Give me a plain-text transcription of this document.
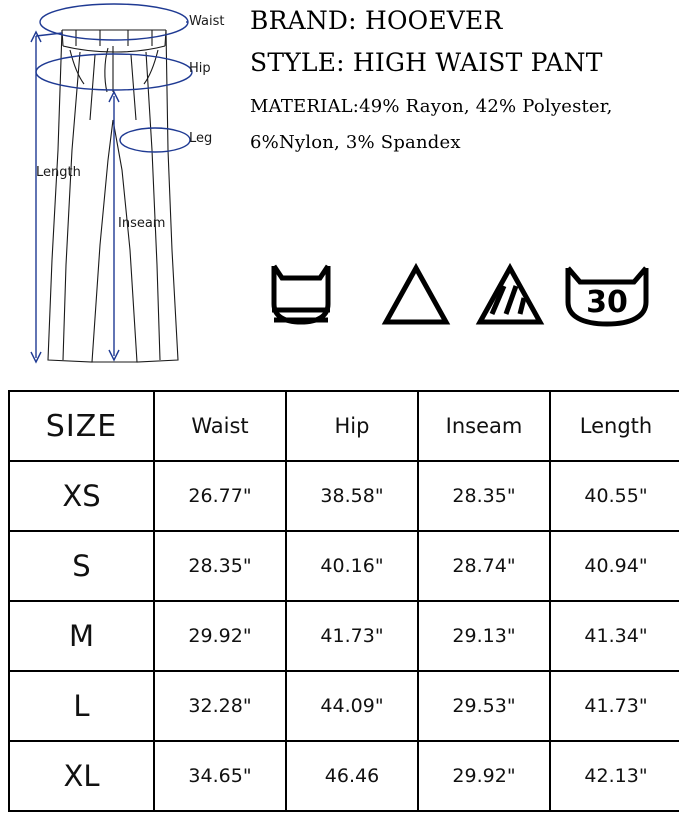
Waist
Hip
Leg
Length
Inseam
BRAND: HOOEVER
STYLE: HIGH WAIST PANT
MATERIAL:49% Rayon, 42% Polyester,
6%Nylon, 3% Spandex
30
SIZE	Waist	Hip	Inseam	Length
XS	26.77"	38.58"	28.35"	40.55"
S	28.35"	40.16"	28.74"	40.94"
M	29.92"	41.73"	29.13"	41.34"
L	32.28"	44.09"	29.53"	41.73"
XL	34.65"	46.46	29.92"	42.13"
